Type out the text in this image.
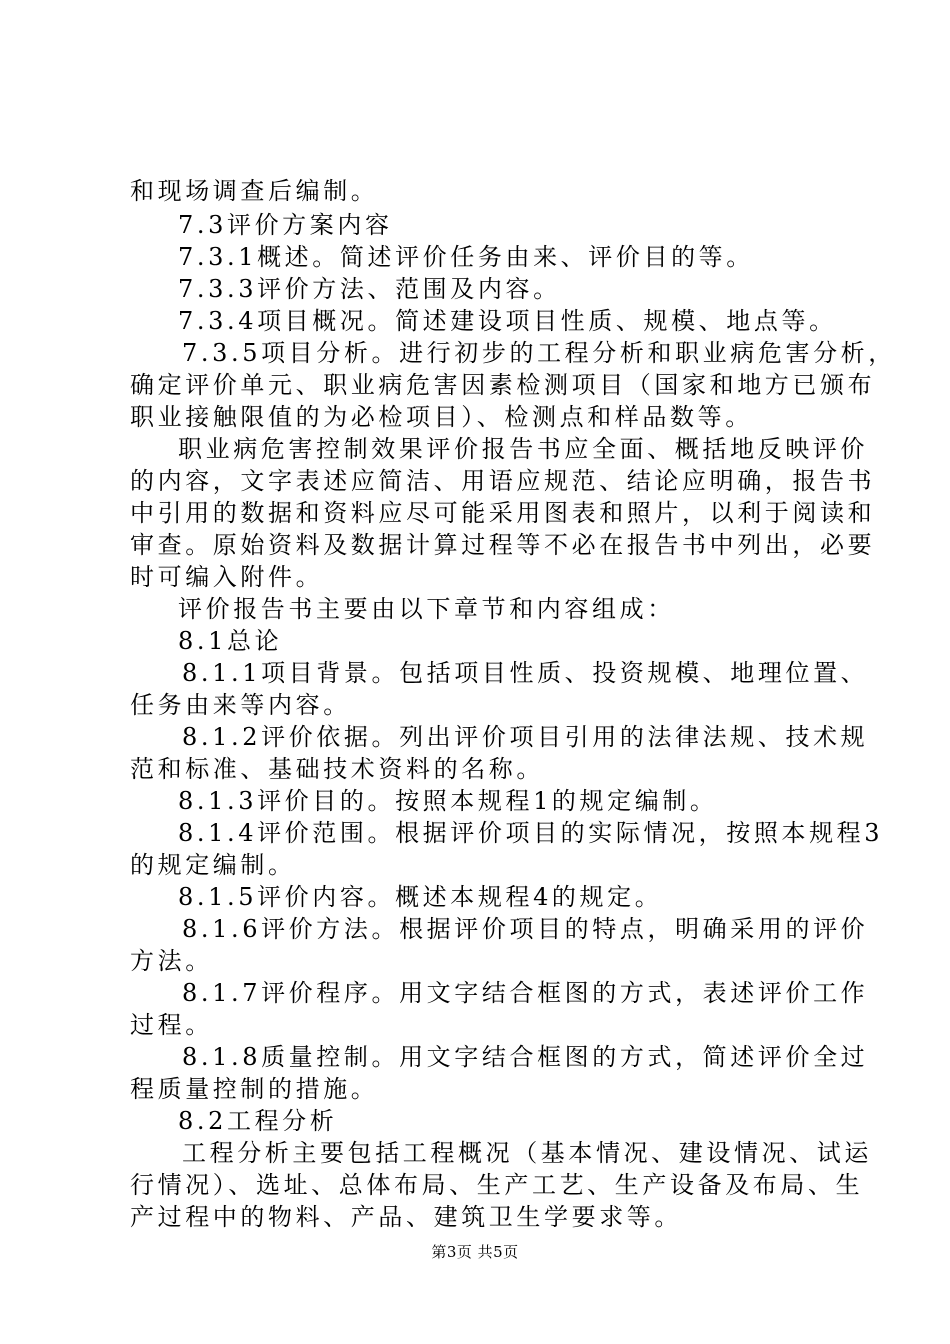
和现场调查后编制。
7.3评价方案内容
7.3.1概述。简述评价任务由来、评价目的等。
7.3.3评价方法、范围及内容。
7.3.4项目概况。简述建设项目性质、规模、地点等。
7.3.5项目分析。进行初步的工程分析和职业病危害分析，
确定评价单元、职业病危害因素检测项目（国家和地方已颁布
职业接触限值的为必检项目）、检测点和样品数等。
职业病危害控制效果评价报告书应全面、概括地反映评价
的内容，文字表述应简洁、用语应规范、结论应明确，报告书
中引用的数据和资料应尽可能采用图表和照片，以利于阅读和
审查。原始资料及数据计算过程等不必在报告书中列出，必要
时可编入附件。
评价报告书主要由以下章节和内容组成：
8.1总论
8.1.1项目背景。包括项目性质、投资规模、地理位置、
任务由来等内容。
8.1.2评价依据。列出评价项目引用的法律法规、技术规
范和标准、基础技术资料的名称。
8.1.3评价目的。按照本规程1的规定编制。
8.1.4评价范围。根据评价项目的实际情况，按照本规程3
的规定编制。
8.1.5评价内容。概述本规程4的规定。
8.1.6评价方法。根据评价项目的特点，明确采用的评价
方法。
8.1.7评价程序。用文字结合框图的方式，表述评价工作
过程。
8.1.8质量控制。用文字结合框图的方式，简述评价全过
程质量控制的措施。
8.2工程分析
工程分析主要包括工程概况（基本情况、建设情况、试运
行情况）、选址、总体布局、生产工艺、生产设备及布局、生
产过程中的物料、产品、建筑卫生学要求等。
第3页 共5页
